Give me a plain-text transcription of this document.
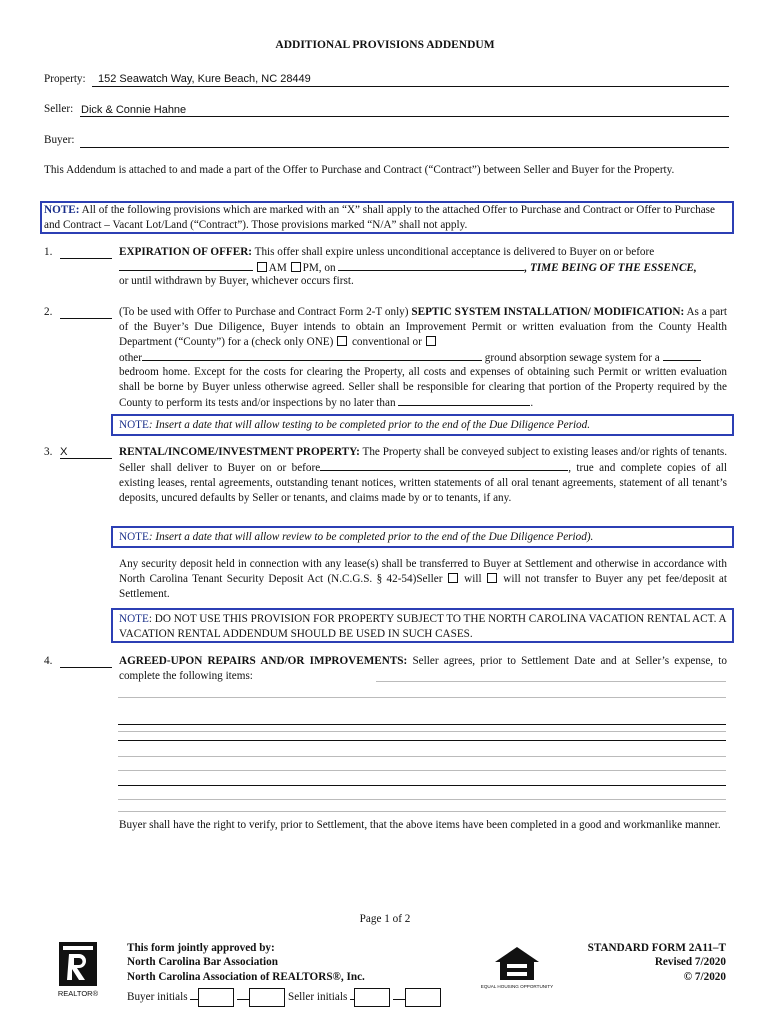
ADDITIONAL PROVISIONS ADDENDUM
Property: 152 Seawatch Way, Kure Beach, NC 28449
Seller: Dick & Connie Hahne
Buyer:

This Addendum is attached to and made a part of the Offer to Purchase and Contract (“Contract”) between Seller and Buyer for the Property.

NOTE: All of the following provisions which are marked with an “X” shall apply to the attached Offer to Purchase and Contract or Offer to Purchase and Contract – Vacant Lot/Land (“Contract”). Those provisions marked “N/A” shall not apply.

1.	EXPIRATION OF OFFER: This offer shall expire unless unconditional acceptance is delivered to Buyer on or before

AM PM, on	, TIME BEING OF THE ESSENCE,

or until withdrawn by Buyer, whichever occurs first.

2.	(To be used with Offer to Purchase and Contract Form 2-T only) SEPTIC SYSTEM INSTALLATION/ MODIFICATION: As a part of the Buyer’s Due Diligence, Buyer intends to obtain an Improvement Permit or written evaluation from the County Health Department (“County”) for a (check only ONE) conventional or

other	ground absorption sewage system for a

bedroom home. Except for the costs for clearing the Property, all costs and expenses of obtaining such Permit or written evaluation shall be borne by Buyer unless otherwise agreed. Seller shall be responsible for clearing that portion of the Property required by the County to perform its tests and/or inspections by no later than	.

NOTE: Insert a date that will allow testing to be completed prior to the end of the Due Diligence Period.

3. X	RENTAL/INCOME/INVESTMENT PROPERTY: The Property shall be conveyed subject to existing leases and/or rights of tenants. Seller shall deliver to Buyer on or before	, true and complete copies of all existing leases, rental agreements, outstanding tenant notices, written statements of all oral tenant agreements, statement of all tenant’s deposits, uncured defaults by Seller or tenants, and claims made by or to tenants, if any.

NOTE: Insert a date that will allow review to be completed prior to the end of the Due Diligence Period).

Any security deposit held in connection with any lease(s) shall be transferred to Buyer at Settlement and otherwise in accordance with North Carolina Tenant Security Deposit Act (N.C.G.S. § 42-54)Seller will will not transfer to Buyer any pet fee/deposit at Settlement.

NOTE: DO NOT USE THIS PROVISION FOR PROPERTY SUBJECT TO THE NORTH CAROLINA VACATION RENTAL ACT. A VACATION RENTAL ADDENDUM SHOULD BE USED IN SUCH CASES.

4.	AGREED-UPON REPAIRS AND/OR IMPROVEMENTS: Seller agrees, prior to Settlement Date and at Seller’s expense, to complete the following items:

Buyer shall have the right to verify, prior to Settlement, that the above items have been completed in a good and workmanlike manner.

Page 1 of 2
REALTOR®
This form jointly approved by:
North Carolina Bar Association
North Carolina Association of REALTORS®, Inc.
Buyer initials	Seller initials
EQUAL HOUSING OPPORTUNITY
STANDARD FORM 2A11–T
Revised 7/2020
© 7/2020
